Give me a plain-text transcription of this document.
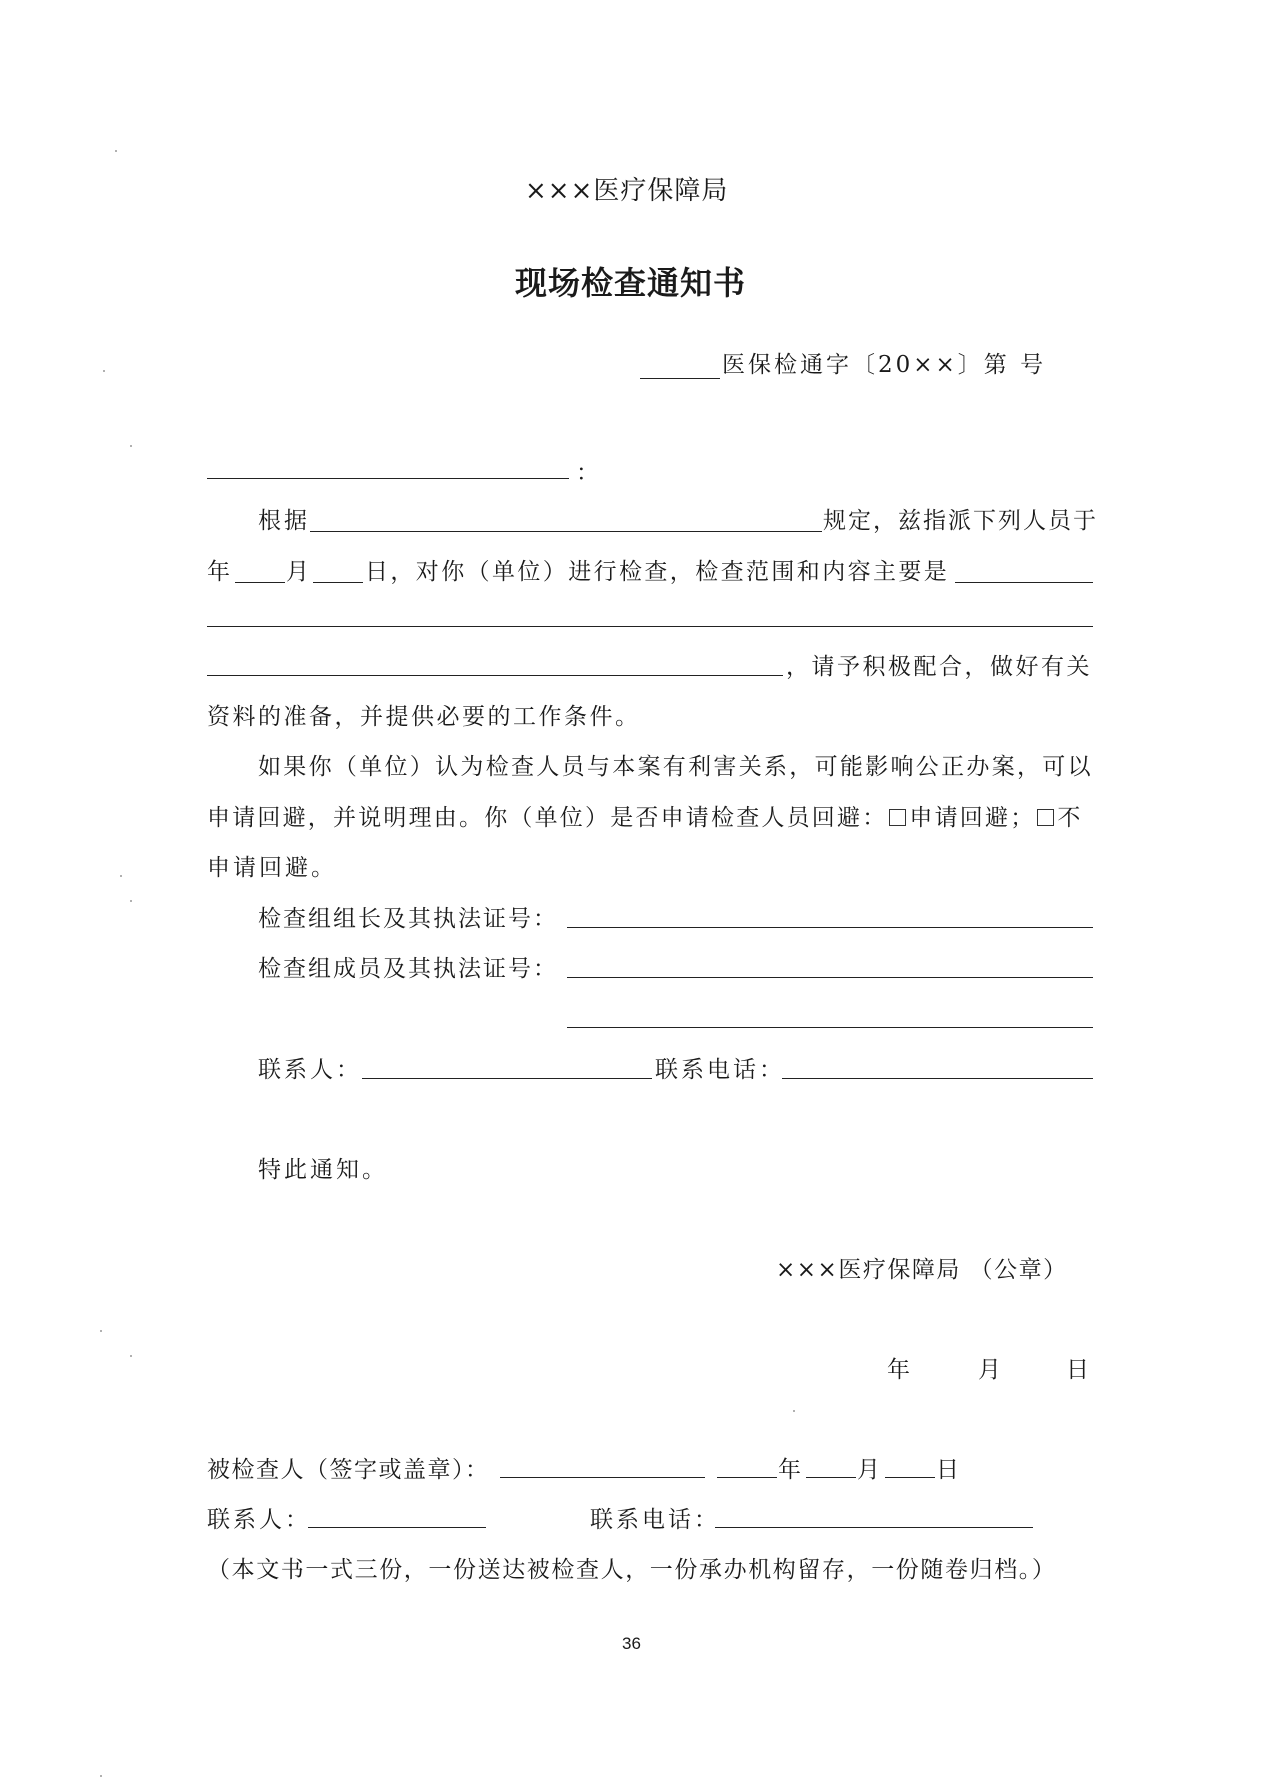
×××医疗保障局
现场检查通知书
医保检通字〔20××〕第 号
：
根据	规定，兹指派下列人员于
年 月 日，对你（单位）进行检查，检查范围和内容主要是
，请予积极配合，做好有关
资料的准备，并提供必要的工作条件。
如果你（单位）认为检查人员与本案有利害关系，可能影响公正办案，可以
申请回避，并说明理由。你（单位）是否申请检查人员回避： 申请回避； 不
申请回避。
检查组组长及其执法证号：
检查组成员及其执法证号：
联系人：	联系电话：
特此通知。
×××医疗保障局 （公章）
年	月	日
被检查人（签字或盖章）：	年 月 日
联系人：	联系电话：
（本文书一式三份，一份送达被检查人，一份承办机构留存，一份随卷归档。）
36
